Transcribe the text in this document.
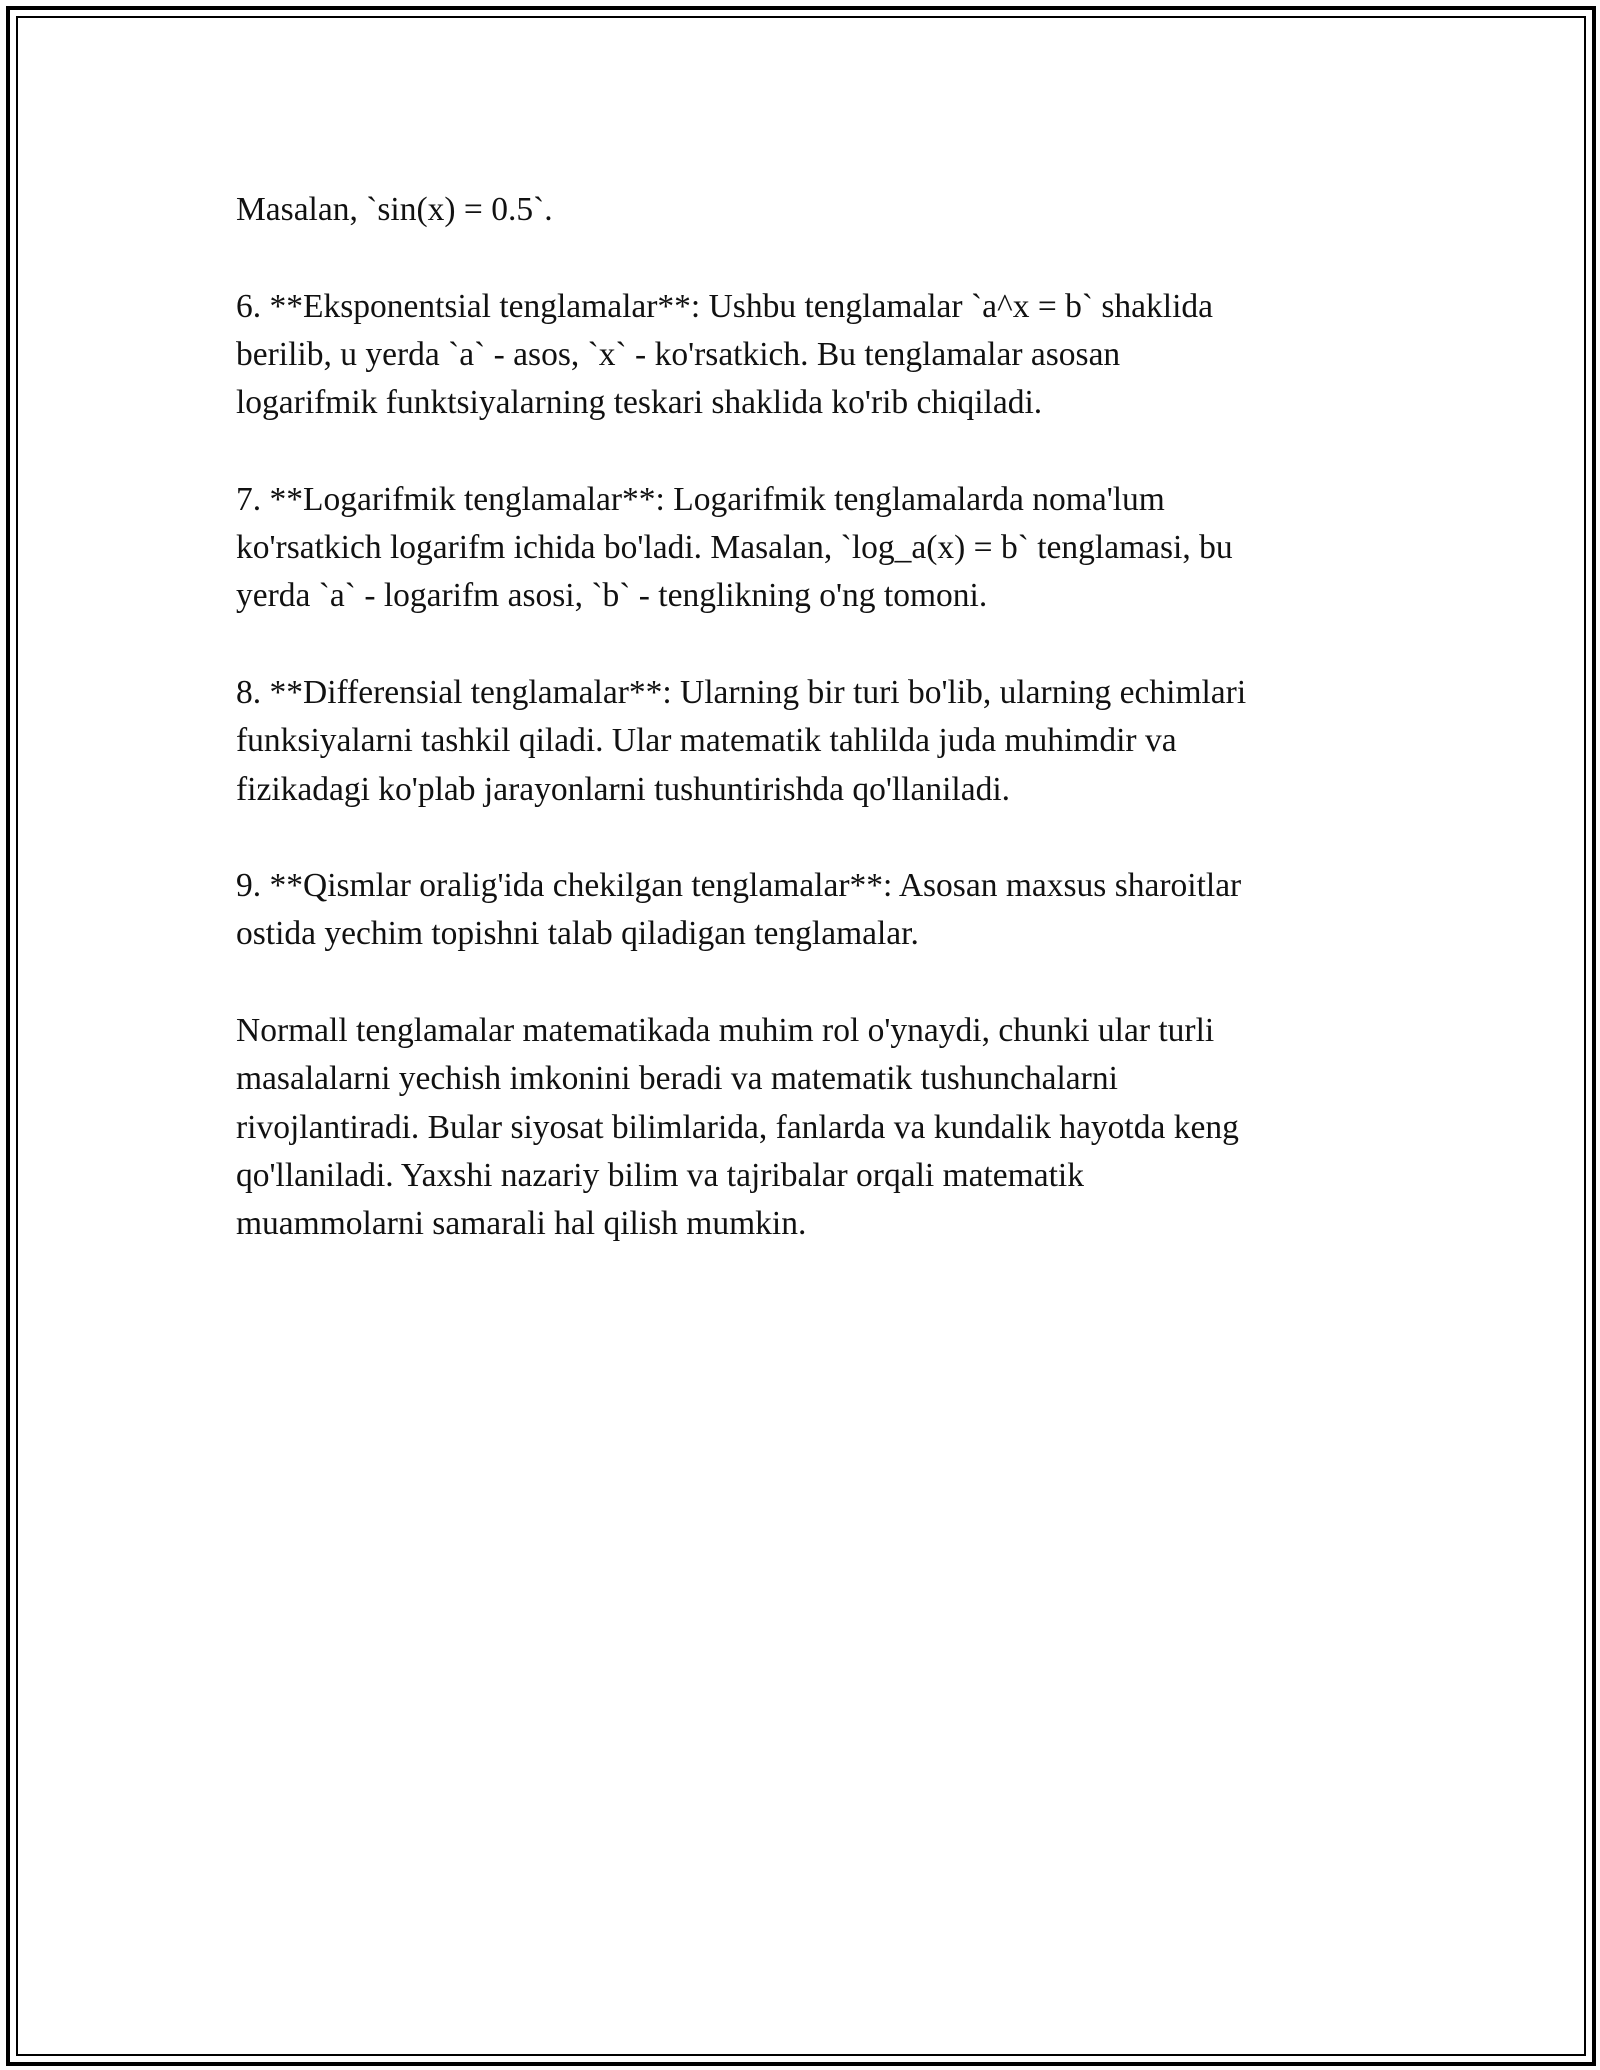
Masalan, `sin(x) = 0.5`.

6. **Eksponentsial tenglamalar**: Ushbu tenglamalar `a^x = b` shaklida
berilib, u yerda `a` - asos, `x` - ko'rsatkich. Bu tenglamalar asosan
logarifmik funktsiyalarning teskari shaklida ko'rib chiqiladi.

7. **Logarifmik tenglamalar**: Logarifmik tenglamalarda noma'lum
ko'rsatkich logarifm ichida bo'ladi. Masalan, `log_a(x) = b` tenglamasi, bu
yerda `a` - logarifm asosi, `b` - tenglikning o'ng tomoni.

8. **Differensial tenglamalar**: Ularning bir turi bo'lib, ularning echimlari
funksiyalarni tashkil qiladi. Ular matematik tahlilda juda muhimdir va
fizikadagi ko'plab jarayonlarni tushuntirishda qo'llaniladi.

9. **Qismlar oralig'ida chekilgan tenglamalar**: Asosan maxsus sharoitlar
ostida yechim topishni talab qiladigan tenglamalar.

Normall tenglamalar matematikada muhim rol o'ynaydi, chunki ular turli
masalalarni yechish imkonini beradi va matematik tushunchalarni
rivojlantiradi. Bular siyosat bilimlarida, fanlarda va kundalik hayotda keng
qo'llaniladi. Yaxshi nazariy bilim va tajribalar orqali matematik
muammolarni samarali hal qilish mumkin.
